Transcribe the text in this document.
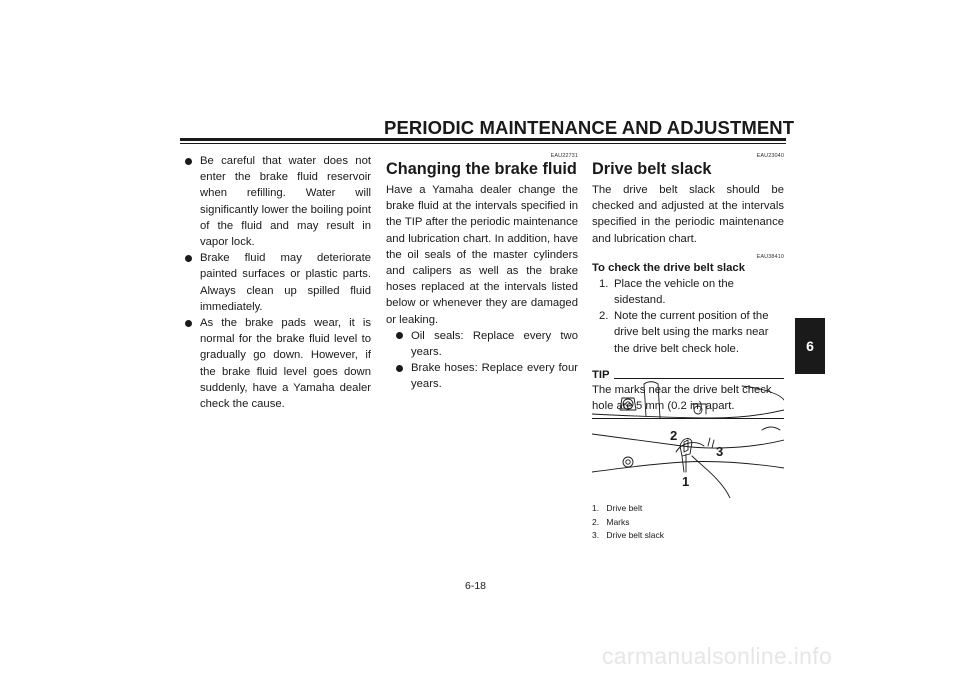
PERIODIC MAINTENANCE AND ADJUSTMENT
6
Be careful that water does not enter the brake fluid reservoir when refilling. Water will significantly lower the boiling point of the fluid and may result in vapor lock.
Brake fluid may deteriorate painted surfaces or plastic parts. Always clean up spilled fluid immediately.
As the brake pads wear, it is normal for the brake fluid level to gradually go down. However, if the brake fluid level goes down suddenly, have a Yamaha dealer check the cause.
EAU22731
Changing the brake fluid

Have a Yamaha dealer change the brake fluid at the intervals specified in the TIP after the periodic maintenance and lubrication chart. In addition, have the oil seals of the master cylinders and calipers as well as the brake hoses replaced at the intervals listed below or whenever they are damaged or leaking.

Oil seals: Replace every two years.
Brake hoses: Replace every four years.
EAU23040
Drive belt slack

The drive belt slack should be checked and adjusted at the intervals specified in the periodic maintenance and lubrication chart.

EAU38410
To check the drive belt slack
1. Place the vehicle on the sidestand.
2. Note the current position of the drive belt using the marks near the drive belt check hole.
TIP

The marks near the drive belt check hole are 5 mm (0.2 in) apart.

2
3
1
1. Drive belt
2. Marks
3. Drive belt slack
6-18
carmanualsonline.info
